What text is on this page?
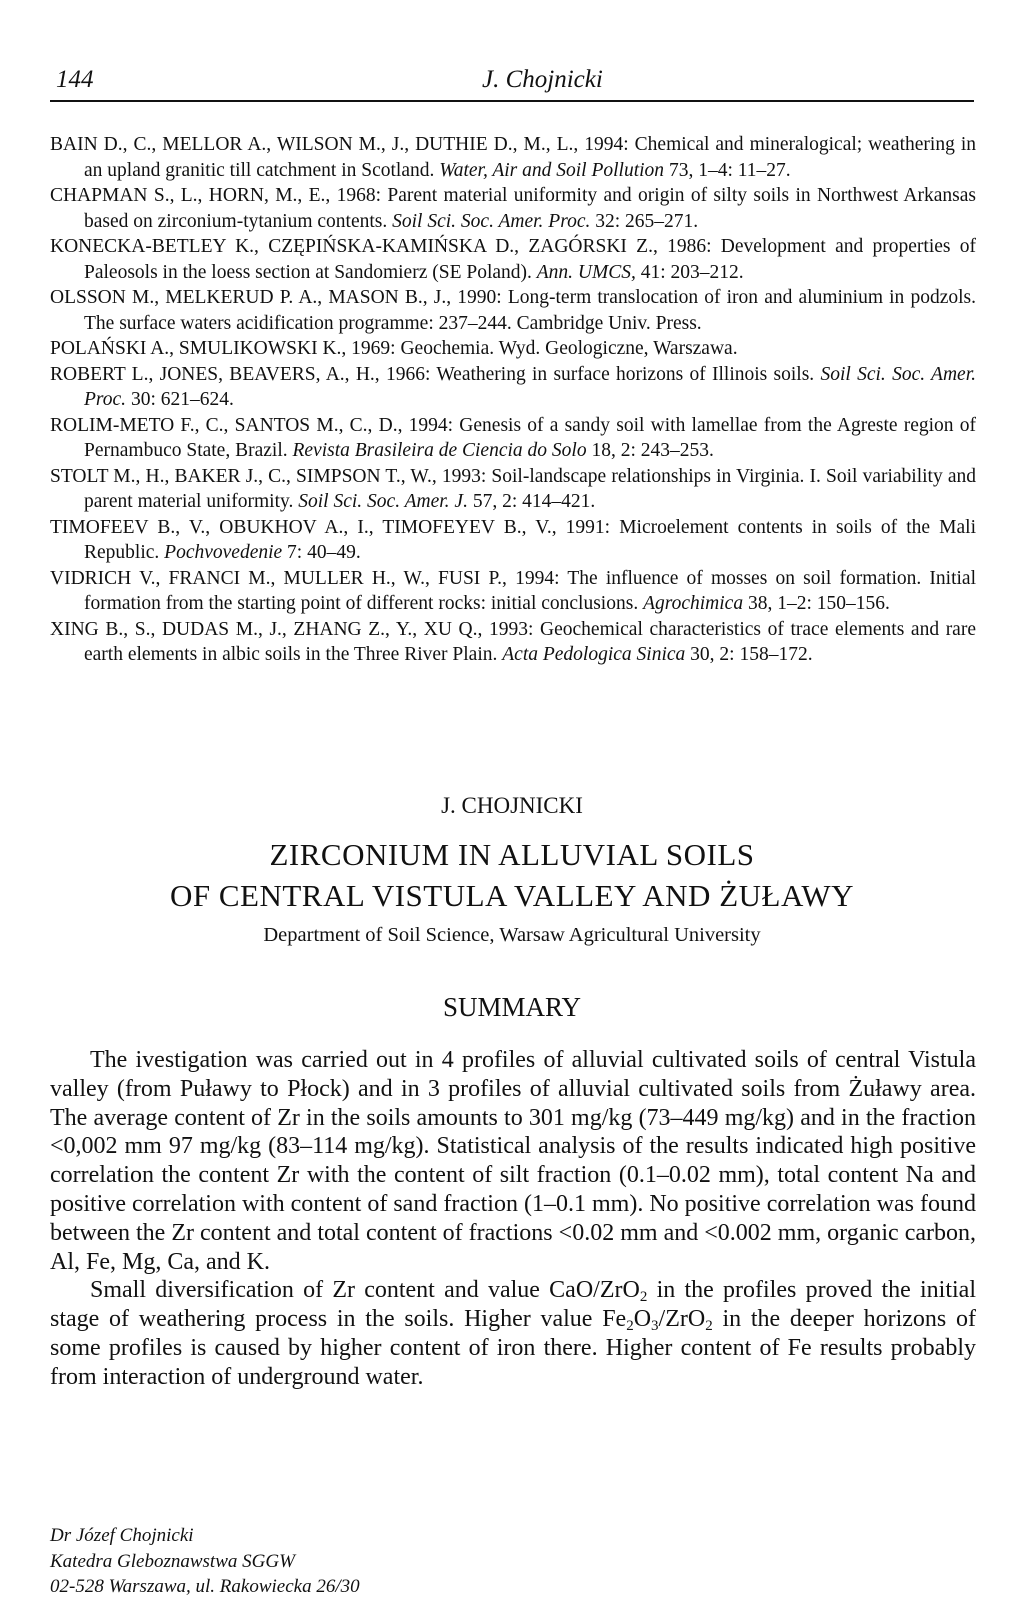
144	J. Chojnicki
BAIN D., C., MELLOR A., WILSON M., J., DUTHIE D., M., L., 1994: Chemical and mineralogical; weathering in an upland granitic till catchment in Scotland. Water, Air and Soil Pollution 73, 1–4: 11–27.
CHAPMAN S., L., HORN, M., E., 1968: Parent material uniformity and origin of silty soils in Northwest Arkansas based on zirconium-tytanium contents. Soil Sci. Soc. Amer. Proc. 32: 265–271.
KONECKA-BETLEY K., CZĘPIŃSKA-KAMIŃSKA D., ZAGÓRSKI Z., 1986: Development and properties of Paleosols in the loess section at Sandomierz (SE Poland). Ann. UMCS, 41: 203–212.
OLSSON M., MELKERUD P. A., MASON B., J., 1990: Long-term translocation of iron and aluminium in podzols. The surface waters acidification programme: 237–244. Cambridge Univ. Press.
POLAŃSKI A., SMULIKOWSKI K., 1969: Geochemia. Wyd. Geologiczne, Warszawa.
ROBERT L., JONES, BEAVERS, A., H., 1966: Weathering in surface horizons of Illinois soils. Soil Sci. Soc. Amer. Proc. 30: 621–624.
ROLIM-METO F., C., SANTOS M., C., D., 1994: Genesis of a sandy soil with lamellae from the Agreste region of Pernambuco State, Brazil. Revista Brasileira de Ciencia do Solo 18, 2: 243–253.
STOLT M., H., BAKER J., C., SIMPSON T., W., 1993: Soil-landscape relationships in Virginia. I. Soil variability and parent material uniformity. Soil Sci. Soc. Amer. J. 57, 2: 414–421.
TIMOFEEV B., V., OBUKHOV A., I., TIMOFEYEV B., V., 1991: Microelement contents in soils of the Mali Republic. Pochvovedenie 7: 40–49.
VIDRICH V., FRANCI M., MULLER H., W., FUSI P., 1994: The influence of mosses on soil formation. Initial formation from the starting point of different rocks: initial conclusions. Agrochimica 38, 1–2: 150–156.
XING B., S., DUDAS M., J., ZHANG Z., Y., XU Q., 1993: Geochemical characteristics of trace elements and rare earth elements in albic soils in the Three River Plain. Acta Pedologica Sinica 30, 2: 158–172.
J. CHOJNICKI
ZIRCONIUM IN ALLUVIAL SOILS
OF CENTRAL VISTULA VALLEY AND ŻUŁAWY
Department of Soil Science, Warsaw Agricultural University
SUMMARY

The ivestigation was carried out in 4 profiles of alluvial cultivated soils of central Vistula valley (from Puławy to Płock) and in 3 profiles of alluvial cultivated soils from Żuławy area. The average content of Zr in the soils amounts to 301 mg/kg (73–449 mg/kg) and in the fraction <0,002 mm 97 mg/kg (83–114 mg/kg). Statistical analysis of the results indicated high positive correlation the content Zr with the content of silt fraction (0.1–0.02 mm), total content Na and positive correlation with content of sand fraction (1–0.1 mm). No positive correlation was found between the Zr content and total content of fractions <0.02 mm and <0.002 mm, organic carbon, Al, Fe, Mg, Ca, and K.

Small diversification of Zr content and value CaO/ZrO$_2$ in the profiles proved the initial stage of weathering process in the soils. Higher value $Fe_2O_3/ZrO_2$ in the deeper horizons of some profiles is caused by higher content of iron there. Higher content of Fe results probably from interaction of underground water.

Dr Józef Chojnicki
Katedra Gleboznawstwa SGGW
02-528 Warszawa, ul. Rakowiecka 26/30
